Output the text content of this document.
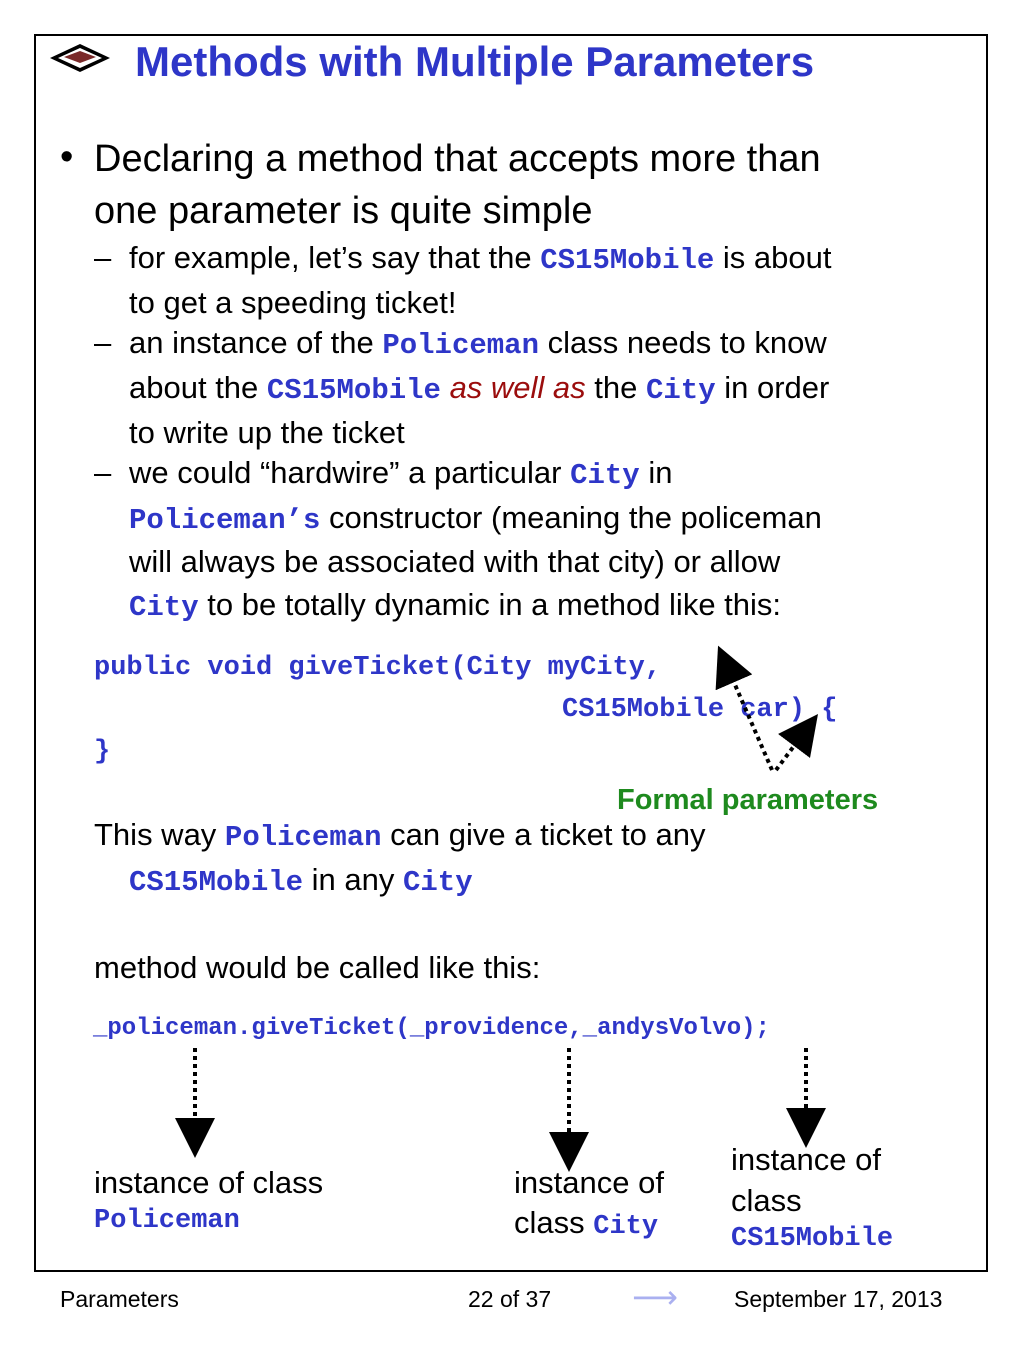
Methods with Multiple Parameters
• Declaring a method that accepts more than
one parameter is quite simple
– for example, let’s say that the CS15Mobile is about
to get a speeding ticket!
– an instance of the Policeman class needs to know
about the CS15Mobile as well as the City in order
to write up the ticket
– we could “hardwire” a particular City in
Policeman’s constructor (meaning the policeman
will always be associated with that city) or allow
City to be totally dynamic in a method like this:
public void giveTicket(City myCity,
CS15Mobile car) {
}
Formal parameters
This way Policeman can give a ticket to any
CS15Mobile in any City
method would be called like this:
_policeman.giveTicket(_providence,_andysVolvo);
instance of class
Policeman
instance of
class City
instance of
class
CS15Mobile
Parameters	22 of 37	⟶ September 17, 2013
